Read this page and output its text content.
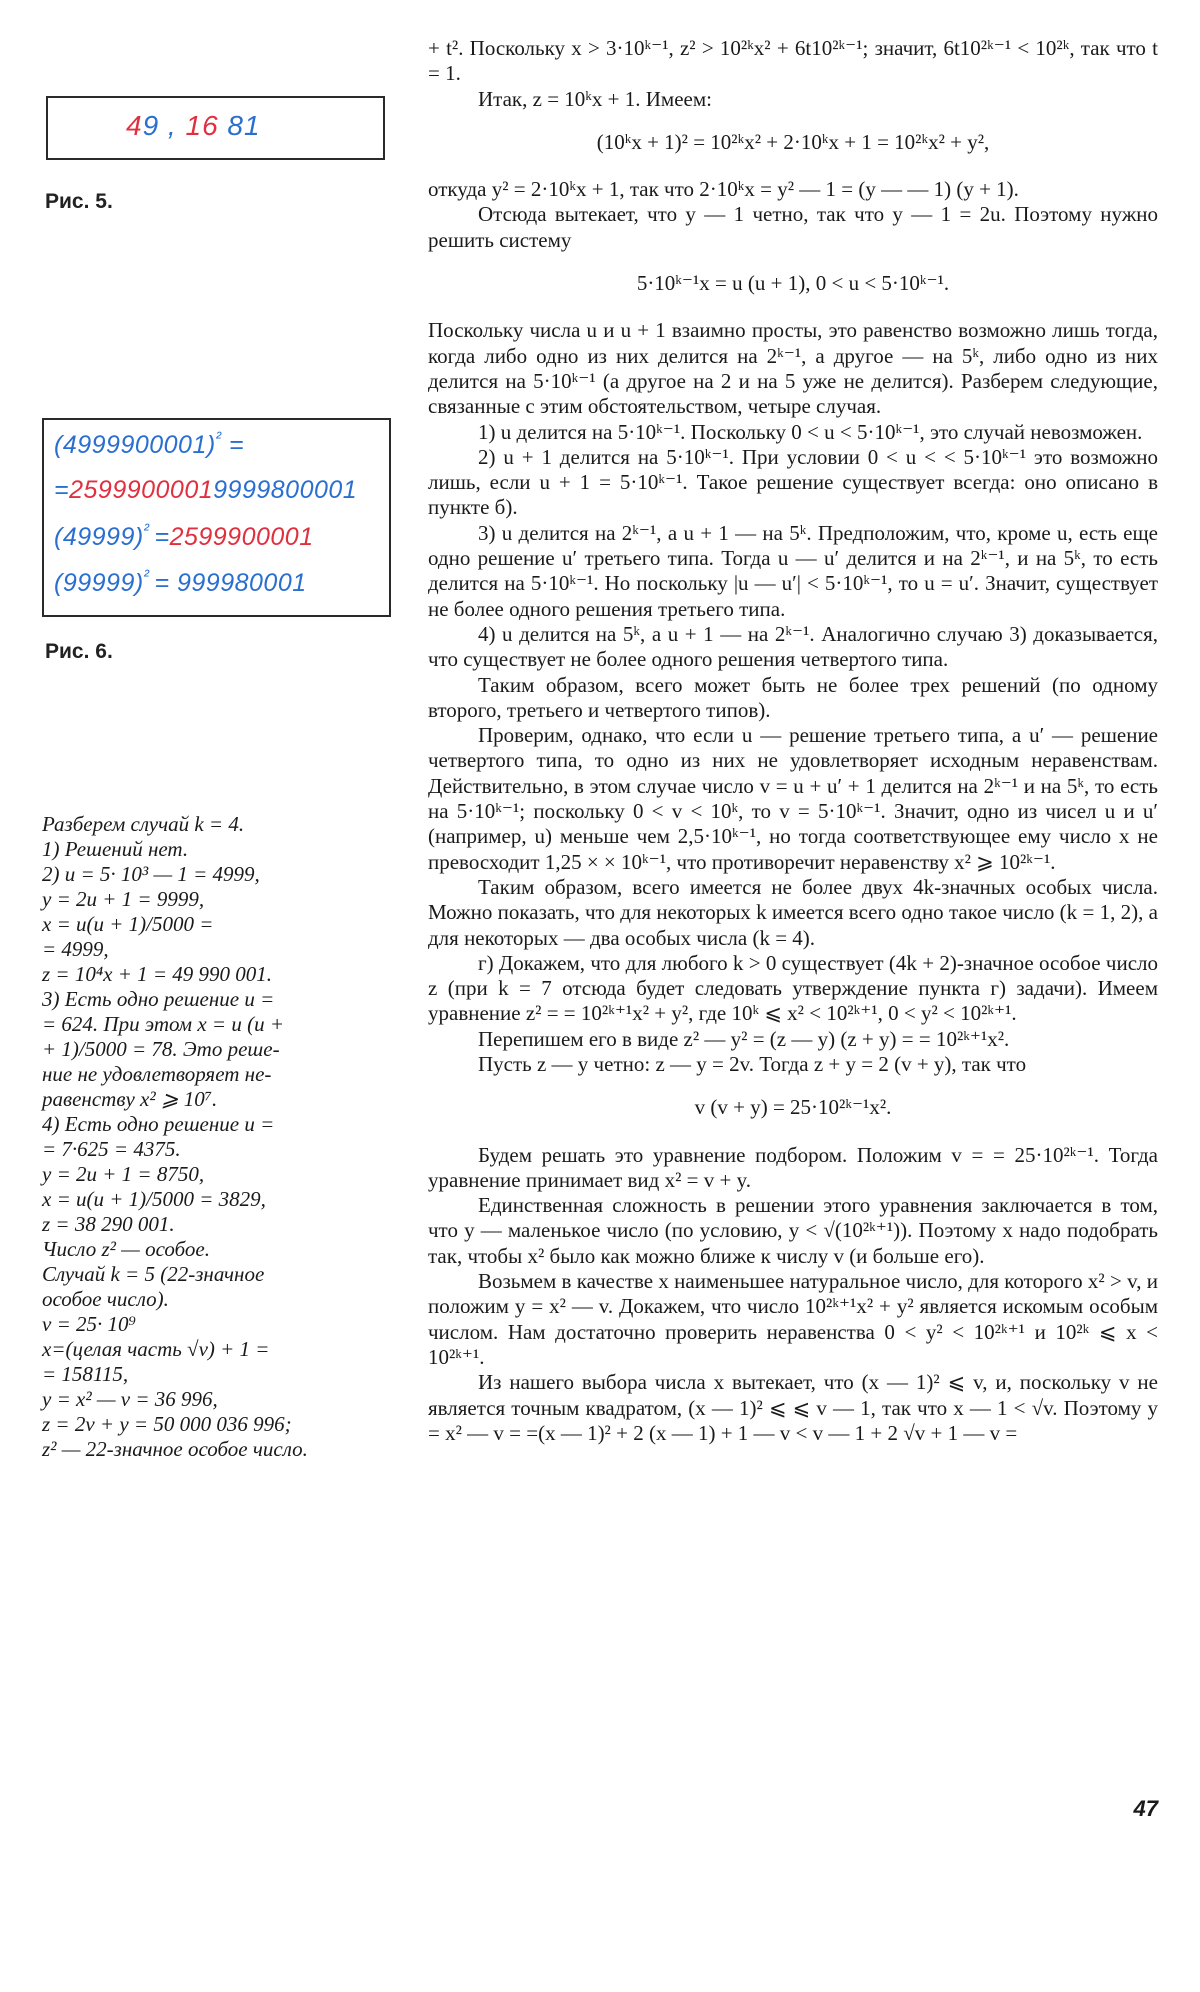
49 , 16 81
Рис. 5.
$(4999900001)^{^2}$ =
=25999000019999800001
$(49999)^{^2} =2599900001$
$(99999)^{^2} = 999980001$
Рис. 6.
Разберем случай k = 4.
1) Решений нет.
2) u = 5· 10³ — 1 = 4999,
y = 2u + 1 = 9999,
x = u(u + 1)/5000 =
= 4999,
z = 10⁴x + 1 = 49 990 001.
3) Есть одно решение u =
= 624. При этом x = u (u +
+ 1)/5000 = 78. Это реше-
ние не удовлетворяет не-
равенству x² ⩾ 10⁷.
4) Есть одно решение u =
= 7·625 = 4375.
y = 2u + 1 = 8750,
x = u(u + 1)/5000 = 3829,
z = 38 290 001.
Число z² — особое.
Случай k = 5 (22-значное
особое число).
v = 25· 10⁹
x=(целая часть √v) + 1 =
= 158115,
y = x² — v = 36 996,
z = 2v + y = 50 000 036 996;
z² — 22-значное особое число.

+ t². Поскольку x > 3·10ᵏ⁻¹, z² > 10²ᵏx² + 6t10²ᵏ⁻¹; значит, 6t10²ᵏ⁻¹ < 10²ᵏ, так что t = 1.

Итак, z = 10ᵏx + 1. Имеем:

(10ᵏx + 1)² = 10²ᵏx² + 2·10ᵏx + 1 = 10²ᵏx² + y²,

откуда y² = 2·10ᵏx + 1, так что 2·10ᵏx = y² — 1 = (y — — 1) (y + 1).

Отсюда вытекает, что y — 1 четно, так что y — 1 = 2u. Поэтому нужно решить систему

5·10ᵏ⁻¹x = u (u + 1), 0 < u < 5·10ᵏ⁻¹.

Поскольку числа u и u + 1 взаимно просты, это равенство возможно лишь тогда, когда либо одно из них делится на 2ᵏ⁻¹, а другое — на 5ᵏ, либо одно из них делится на 5·10ᵏ⁻¹ (а другое на 2 и на 5 уже не делится). Разберем следующие, связанные с этим обстоятельством, четыре случая.

1) u делится на 5·10ᵏ⁻¹. Поскольку 0 < u < 5·10ᵏ⁻¹, это случай невозможен.

2) u + 1 делится на 5·10ᵏ⁻¹. При условии 0 < u < < 5·10ᵏ⁻¹ это возможно лишь, если u + 1 = 5·10ᵏ⁻¹. Такое решение существует всегда: оно описано в пункте б).

3) u делится на 2ᵏ⁻¹, а u + 1 — на 5ᵏ. Предположим, что, кроме u, есть еще одно решение u′ третьего типа. Тогда u — u′ делится и на 2ᵏ⁻¹, и на 5ᵏ, то есть делится на 5·10ᵏ⁻¹. Но поскольку |u — u′| < 5·10ᵏ⁻¹, то u = u′. Значит, существует не более одного решения третьего типа.

4) u делится на 5ᵏ, а u + 1 — на 2ᵏ⁻¹. Аналогично случаю 3) доказывается, что существует не более одного решения четвертого типа.

Таким образом, всего может быть не более трех решений (по одному второго, третьего и четвертого типов).

Проверим, однако, что если u — решение третьего типа, а u′ — решение четвертого типа, то одно из них не удовлетворяет исходным неравенствам. Действительно, в этом случае число v = u + u′ + 1 делится на 2ᵏ⁻¹ и на 5ᵏ, то есть на 5·10ᵏ⁻¹; поскольку 0 < v < 10ᵏ, то v = 5·10ᵏ⁻¹. Значит, одно из чисел u и u′ (например, u) меньше чем 2,5·10ᵏ⁻¹, но тогда соответствующее ему число x не превосходит 1,25 × × 10ᵏ⁻¹, что противоречит неравенству x² ⩾ 10²ᵏ⁻¹.

Таким образом, всего имеется не более двух 4k-значных особых числа. Можно показать, что для некоторых k имеется всего одно такое число (k = 1, 2), а для некоторых — два особых числа (k = 4).

г) Докажем, что для любого k > 0 существует (4k + 2)-значное особое число z (при k = 7 отсюда будет следовать утверждение пункта г) задачи). Имеем уравнение z² = = 10²ᵏ⁺¹x² + y², где 10ᵏ ⩽ x² < 10²ᵏ⁺¹, 0 < y² < 10²ᵏ⁺¹.

Перепишем его в виде z² — y² = (z — y) (z + y) = = 10²ᵏ⁺¹x².

Пусть z — y четно: z — y = 2v. Тогда z + y = 2 (v + y), так что

v (v + y) = 25·10²ᵏ⁻¹x².

Будем решать это уравнение подбором. Положим v = = 25·10²ᵏ⁻¹. Тогда уравнение принимает вид x² = v + y.

Единственная сложность в решении этого уравнения заключается в том, что y — маленькое число (по условию, y < √(10²ᵏ⁺¹)). Поэтому x надо подобрать так, чтобы x² было как можно ближе к числу v (и больше его).

Возьмем в качестве x наименьшее натуральное число, для которого x² > v, и положим y = x² — v. Докажем, что число 10²ᵏ⁺¹x² + y² является искомым особым числом. Нам достаточно проверить неравенства 0 < y² < 10²ᵏ⁺¹ и 10²ᵏ ⩽ x < 10²ᵏ⁺¹.

Из нашего выбора числа x вытекает, что (x — 1)² ⩽ v, и, поскольку v не является точным квадратом, (x — 1)² ⩽ ⩽ v — 1, так что x — 1 < √v. Поэтому y = x² — v = =(x — 1)² + 2 (x — 1) + 1 — v < v — 1 + 2 √v + 1 — v =

47
